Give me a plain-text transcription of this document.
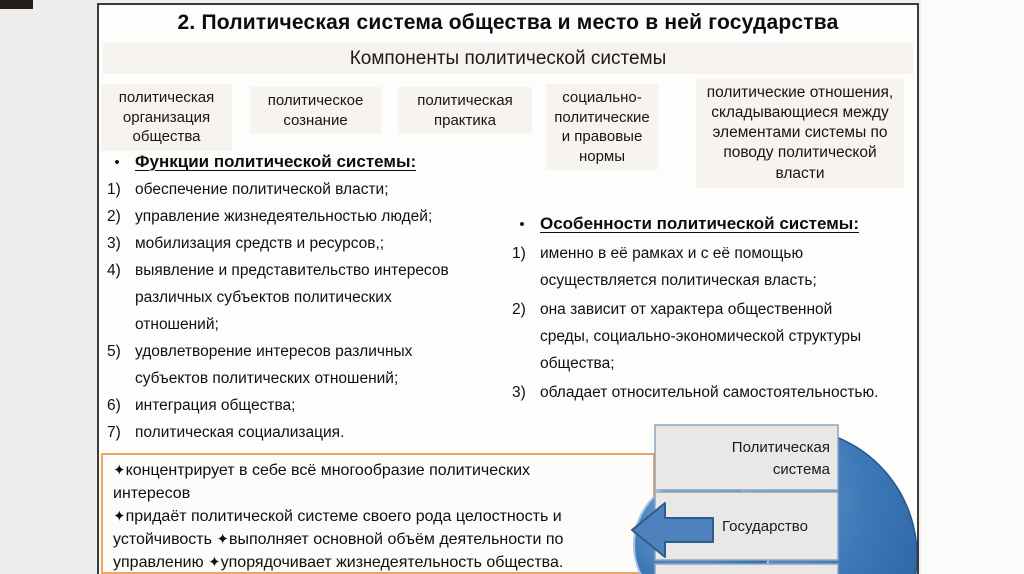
2. Политическая система общества и место в ней государства
Компоненты политической системы
политическая организация общества
политическое сознание
политическая практика
социально-политические и правовые нормы
политические отношения, складывающиеся между элементами системы по поводу политической власти
• Функции политической системы:
1) обеспечение политической власти;
2) управление жизнедеятельностью людей;
3) мобилизация средств и ресурсов,;
4) выявление и представительство интересов различных субъектов политических отношений;
5) удовлетворение интересов различных субъектов политических отношений;
6) интеграция общества;
7) политическая социализация.
• Особенности политической системы:
1) именно в её рамках и с её помощью осуществляется политическая власть;
2) она зависит от характера общественной среды, социально-экономической структуры общества;
3) обладает относительной самостоятельностью.

✦концентрирует в себе всё многообразие политических интересов

✦придаёт политической системе своего рода целостность и устойчивость ✦выполняет основной объём деятельности по управлению ✦упорядочивает жизнедеятельность общества.

Политическая система
Государство
